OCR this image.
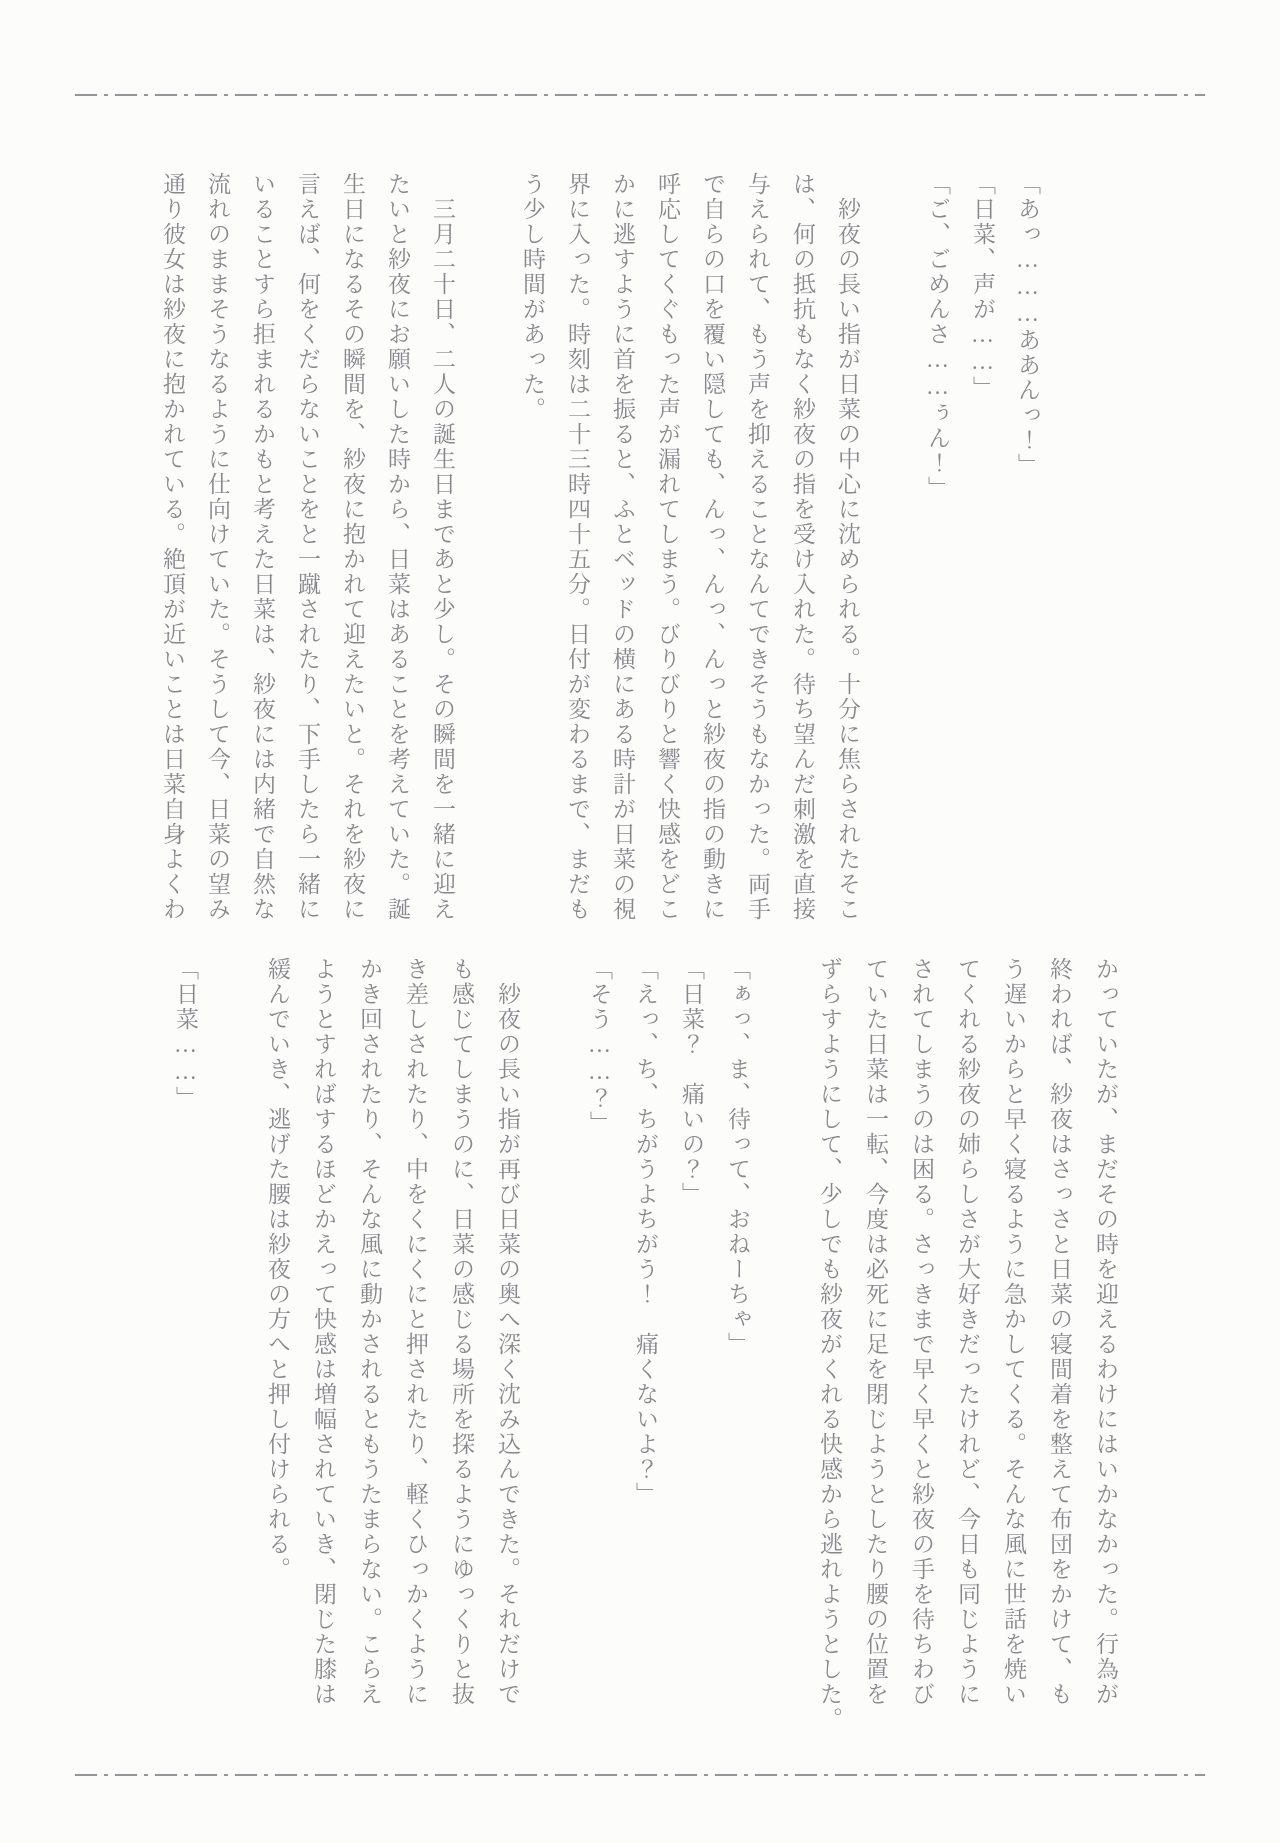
「あっ………ああんっ！」
「日菜、声が……」
「ご、ごめんさ……ぅん！」
　紗夜の長い指が日菜の中心に沈められる。十分に焦らされたそこ
は、何の抵抗もなく紗夜の指を受け入れた。待ち望んだ刺激を直接
与えられて、もう声を抑えることなんてできそうもなかった。両手
で自らの口を覆い隠しても、んっ、んっ、んっと紗夜の指の動きに
呼応してくぐもった声が漏れてしまう。びりびりと響く快感をどこ
かに逃すように首を振ると、ふとベッドの横にある時計が日菜の視
界に入った。時刻は二十三時四十五分。日付が変わるまで、まだも
う少し時間があった。
　三月二十日、二人の誕生日まであと少し。その瞬間を一緒に迎え
たいと紗夜にお願いした時から、日菜はあることを考えていた。誕
生日になるその瞬間を、紗夜に抱かれて迎えたいと。それを紗夜に
言えば、何をくだらないことをと一蹴されたり、下手したら一緒に
いることすら拒まれるかもと考えた日菜は、紗夜には内緒で自然な
流れのままそうなるように仕向けていた。そうして今、日菜の望み
通り彼女は紗夜に抱かれている。絶頂が近いことは日菜自身よくわ
かっていたが、まだその時を迎えるわけにはいかなかった。行為が
終われば、紗夜はさっさと日菜の寝間着を整えて布団をかけて、も
う遅いからと早く寝るように急かしてくる。そんな風に世話を焼い
てくれる紗夜の姉らしさが大好きだったけれど、今日も同じように
されてしまうのは困る。さっきまで早く早くと紗夜の手を待ちわび
ていた日菜は一転、今度は必死に足を閉じようとしたり腰の位置を
ずらすようにして、少しでも紗夜がくれる快感から逃れようとした。
「ぁっ、ま、待って、おねーちゃ」
「日菜？　痛いの？」
「えっ、ち、ちがうよちがう！　痛くないよ？」
「そう……？」
　紗夜の長い指が再び日菜の奥へ深く沈み込んできた。それだけで
も感じてしまうのに、日菜の感じる場所を探るようにゆっくりと抜
き差しされたり、中をくにくにと押されたり、軽くひっかくように
かき回されたり、そんな風に動かされるともうたまらない。こらえ
ようとすればするほどかえって快感は増幅されていき、閉じた膝は
緩んでいき、逃げた腰は紗夜の方へと押し付けられる。
「日菜……」
